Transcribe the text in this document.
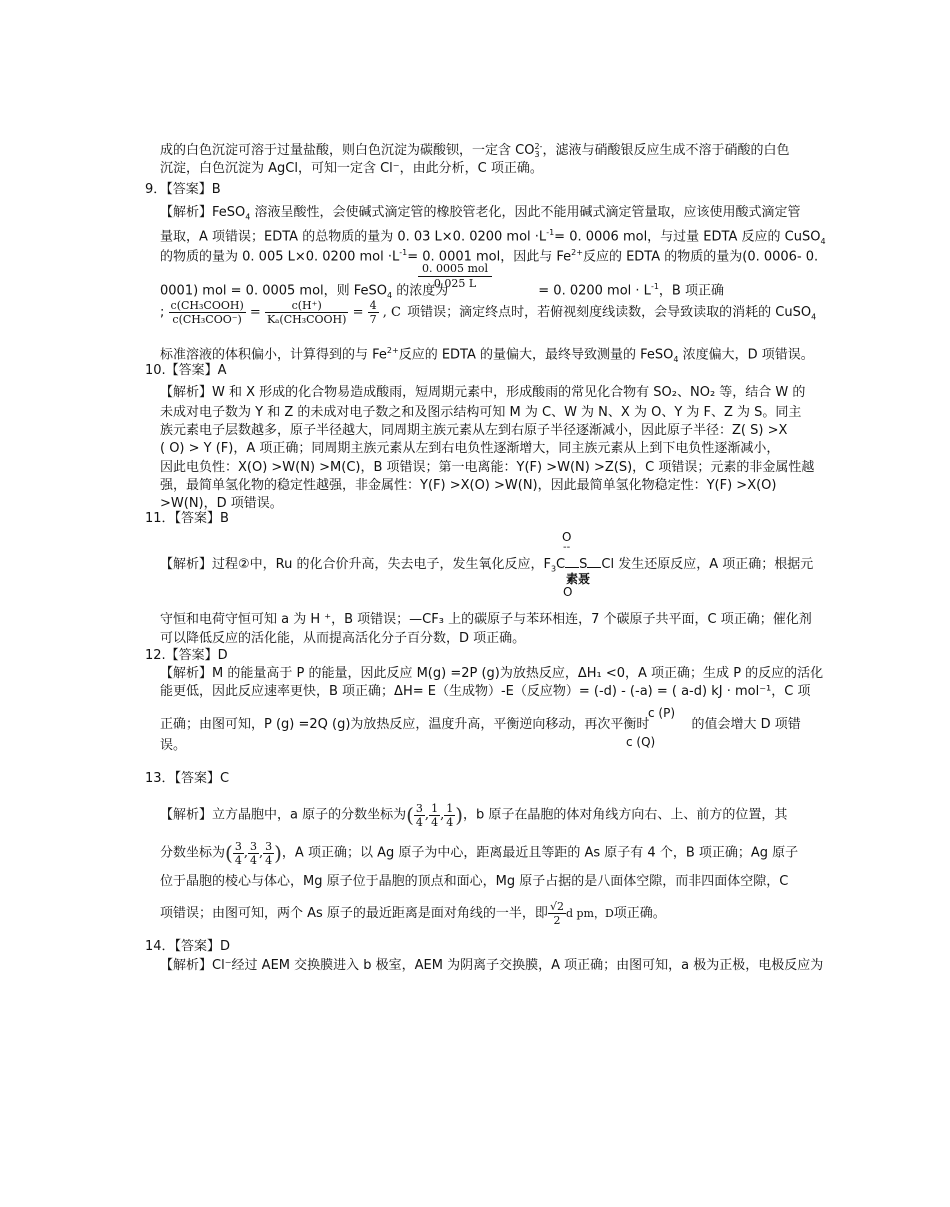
成的白色沉淀可溶于过量盐酸，则白色沉淀为碳酸钡，一定含 CO 2-
3 ，滤液与硝酸银反应生成不溶于硝酸的白色
沉淀，白色沉淀为 AgCl，可知一定含 Cl⁻，由此分析，C 项正确。
9．【答案】B
【解析】FeSO$_4$ 溶液呈酸性，会使碱式滴定管的橡胶管老化，因此不能用碱式滴定管量取，应该使用酸式滴定管
量取，A 项错误；EDTA 的总物质的量为 0. 03 L×0. 0200 mol $\cdot L^{-1}= 0$. 0006 mol，与过量 EDTA 反应的 CuSO$_4$
的物质的量为 0. 005 L×0. 0200 mol $\cdot L^{-1}= 0$. 0001 mol，因此与 $Fe^{2+}$反应的 EDTA 的物质的量为(0. 0006- 0.
0. 0005 mol
0 025 L
0001) mol = 0. 0005 mol，则 FeSO$_4$ 的浓度为	= 0. 0200 mol · $L^{-1}$，B 项正确
; $\frac{\text{c(CH₃COOH)}}{\text{c(CH₃COO⁻)}} = \frac{c(H^+)}{\text{Kₐ(CH₃COOH)}} = \frac{4}{7}$ , C 项错误；滴定终点时，若俯视刻度线读数，会导致读取的消耗的 CuSO$_4$
标准溶液的体积偏小，计算得到的与 $Fe^{2+}$反应的 EDTA 的量偏大，最终导致测量的 FeSO$_4$ 浓度偏大，D 项错误。
10.【答案】A
【解析】W 和 X 形成的化合物易造成酸雨，短周期元素中，形成酸雨的常见化合物有 SO₂、NO₂ 等，结合 W 的
未成对电子数为 Y 和 Z 的未成对电子数之和及图示结构可知 M 为 C、W 为 N、X 为 O、Y 为 F、Z 为 S。同主
族元素电子层数越多，原子半径越大，同周期主族元素从左到右原子半径逐渐减小，因此原子半径：Z( S) >X
( O) > Y (F)，A 项正确；同周期主族元素从左到右电负性逐渐增大，同主族元素从上到下电负性逐渐减小，
因此电负性：X(O) >W(N) >M(C)，B 项错误；第一电离能：Y(F) >W(N) >Z(S)，C 项错误；元素的非金属性越
强，最简单氢化物的稳定性越强，非金属性：Y(F) >X(O) >W(N)，因此最简单氢化物稳定性：Y(F) >X(O)
>W(N)，D 项错误。
11．【答案】B
O
--
【解析】过程②中，Ru 的化合价升高，失去电子，发生氧化反应，$F_3C$ S Cl 发生还原反应，A 项正确；根据元
素聂
O
守恒和电荷守恒可知 a 为 H ⁺，B 项错误；—CF₃ 上的碳原子与苯环相连，7 个碳原子共平面，C 项正确；催化剂
可以降低反应的活化能，从而提高活化分子百分数，D 项正确。
12.【答案】D
【解析】M 的能量高于 P 的能量，因此反应 M(g) =2P (g)为放热反应，ΔH₁ <0，A 项正确；生成 P 的反应的活化
能更低，因此反应速率更快，B 项正确；ΔH= E（生成物）-E（反应物）= (-d) - (-a) = ( a-d) kJ · mol⁻¹，C 项
c (P)
正确；由图可知，P (g) =2Q (g)为放热反应，温度升高，平衡逆向移动，再次平衡时	的值会增大 D 项错
c (Q)
误。
13．【答案】C
【解析】立方晶胞中，a 原子的分数坐标为( $\frac{3}{4}$ , $\frac{1}{4}$ , $\frac{1}{4}$ )，b 原子在晶胞的体对角线方向右、上、前方的位置，其
分数坐标为( $\frac{3}{4}$ , $\frac{3}{4}$ , $\frac{3}{4}$ )，A 项正确；以 Ag 原子为中心，距离最近且等距的 As 原子有 4 个，B 项正确；Ag 原子
位于晶胞的棱心与体心，Mg 原子位于晶胞的顶点和面心，Mg 原子占据的是八面体空隙，而非四面体空隙，C
项错误；由图可知，两个 As 原子的最近距离是面对角线的一半，即 $\frac{√2}{2}$ d pm，D项正确。
14．【答案】D
【解析】Cl⁻经过 AEM 交换膜进入 b 极室，AEM 为阴离子交换膜，A 项正确；由图可知，a 极为正极，电极反应为
